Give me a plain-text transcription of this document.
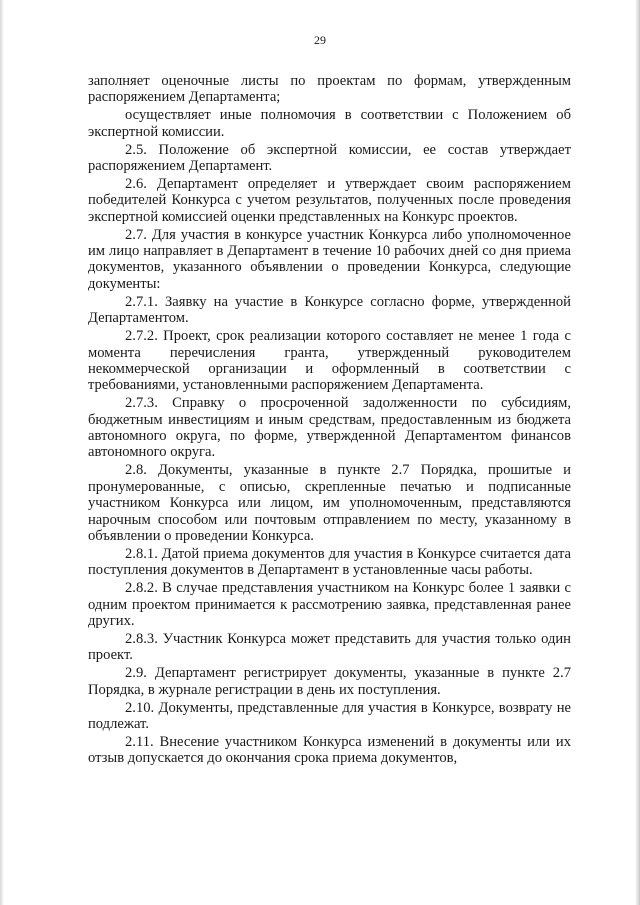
29

заполняет оценочные листы по проектам по формам, утвержденным распоряжением Департамента;

осуществляет иные полномочия в соответствии с Положением об экспертной комиссии.

2.5. Положение об экспертной комиссии, ее состав утверждает распоряжением Департамент.

2.6. Департамент определяет и утверждает своим распоряжением победителей Конкурса с учетом результатов, полученных после проведения экспертной комиссией оценки представленных на Конкурс проектов.

2.7. Для участия в конкурсе участник Конкурса либо уполномоченное им лицо направляет в Департамент в течение 10 рабочих дней со дня приема документов, указанного объявлении о проведении Конкурса, следующие документы:

2.7.1. Заявку на участие в Конкурсе согласно форме, утвержденной Департаментом.

2.7.2. Проект, срок реализации которого составляет не менее 1 года с момента перечисления гранта, утвержденный руководителем некоммерческой организации и оформленный в соответствии с требованиями, установленными распоряжением Департамента.

2.7.3. Справку о просроченной задолженности по субсидиям, бюджетным инвестициям и иным средствам, предоставленным из бюджета автономного округа, по форме, утвержденной Департаментом финансов автономного округа.

2.8. Документы, указанные в пункте 2.7 Порядка, прошитые и пронумерованные, с описью, скрепленные печатью и подписанные участником Конкурса или лицом, им уполномоченным, представляются нарочным способом или почтовым отправлением по месту, указанному в объявлении о проведении Конкурса.

2.8.1. Датой приема документов для участия в Конкурсе считается дата поступления документов в Департамент в установленные часы работы.

2.8.2. В случае представления участником на Конкурс более 1 заявки с одним проектом принимается к рассмотрению заявка, представленная ранее других.

2.8.3. Участник Конкурса может представить для участия только один проект.

2.9. Департамент регистрирует документы, указанные в пункте 2.7 Порядка, в журнале регистрации в день их поступления.

2.10. Документы, представленные для участия в Конкурсе, возврату не подлежат.

2.11. Внесение участником Конкурса изменений в документы или их отзыв допускается до окончания срока приема документов,
